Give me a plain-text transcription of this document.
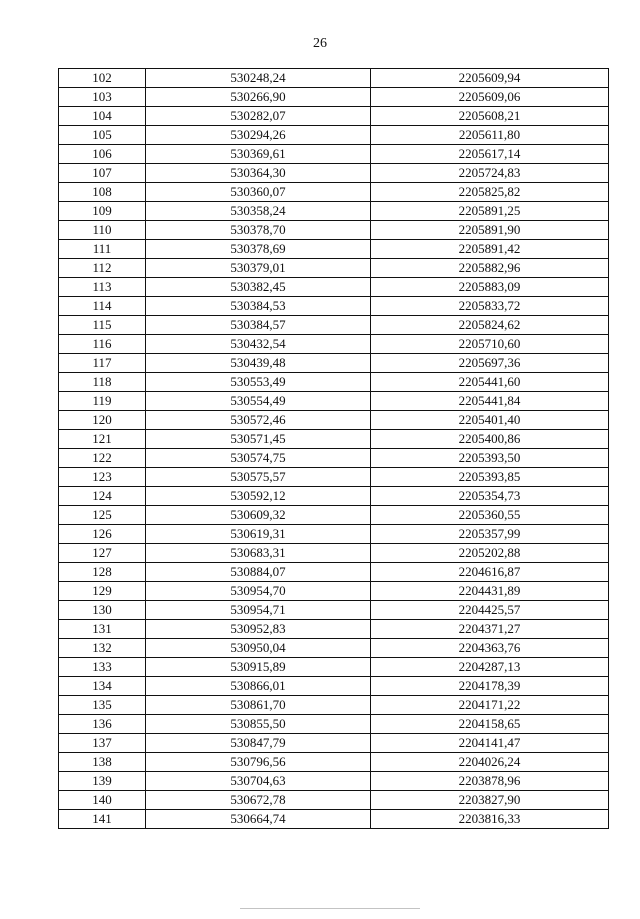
26
102	530248,24	2205609,94
103	530266,90	2205609,06
104	530282,07	2205608,21
105	530294,26	2205611,80
106	530369,61	2205617,14
107	530364,30	2205724,83
108	530360,07	2205825,82
109	530358,24	2205891,25
110	530378,70	2205891,90
111	530378,69	2205891,42
112	530379,01	2205882,96
113	530382,45	2205883,09
114	530384,53	2205833,72
115	530384,57	2205824,62
116	530432,54	2205710,60
117	530439,48	2205697,36
118	530553,49	2205441,60
119	530554,49	2205441,84
120	530572,46	2205401,40
121	530571,45	2205400,86
122	530574,75	2205393,50
123	530575,57	2205393,85
124	530592,12	2205354,73
125	530609,32	2205360,55
126	530619,31	2205357,99
127	530683,31	2205202,88
128	530884,07	2204616,87
129	530954,70	2204431,89
130	530954,71	2204425,57
131	530952,83	2204371,27
132	530950,04	2204363,76
133	530915,89	2204287,13
134	530866,01	2204178,39
135	530861,70	2204171,22
136	530855,50	2204158,65
137	530847,79	2204141,47
138	530796,56	2204026,24
139	530704,63	2203878,96
140	530672,78	2203827,90
141	530664,74	2203816,33
